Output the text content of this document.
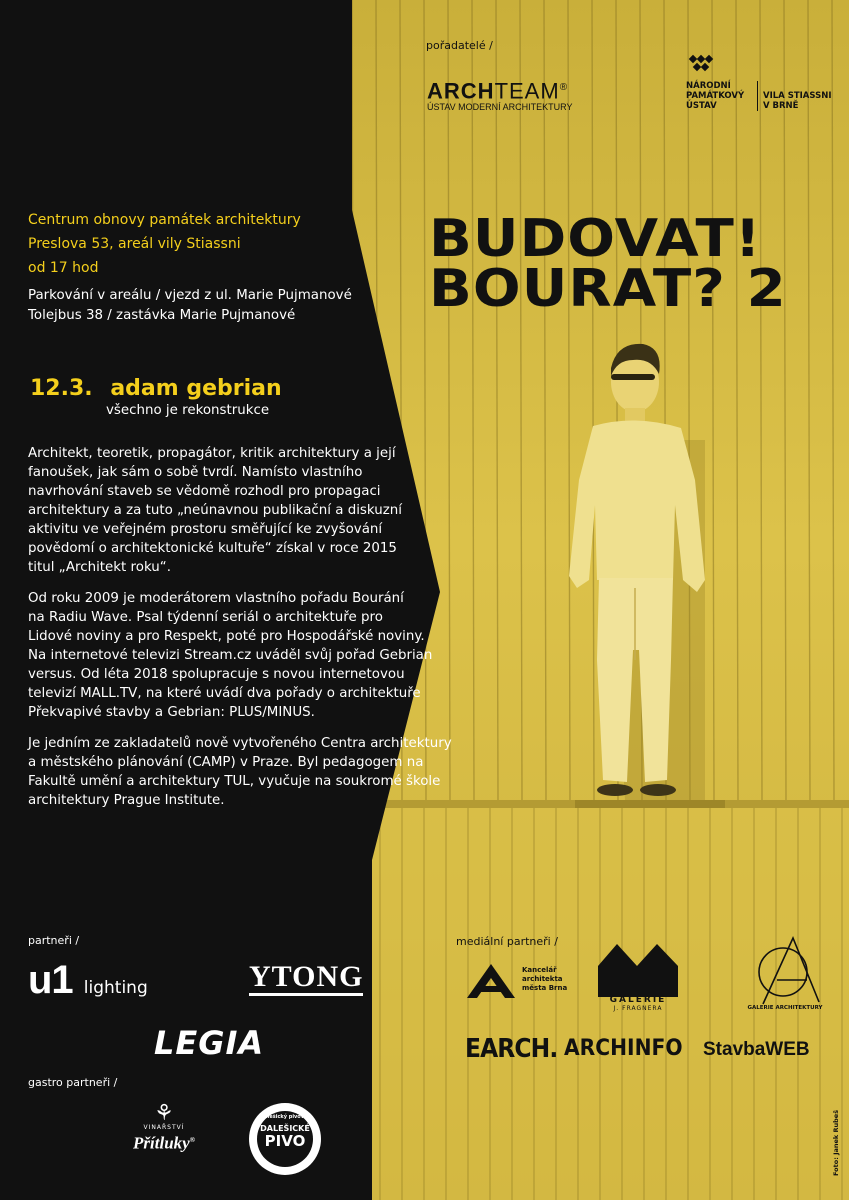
pořadatelé /
ARCHTEAM®
ÚSTAV MODERNÍ ARCHITEKTURY
NÁRODNÍ
PAMÁTKOVÝ
ÚSTAV
VILA STIASSNI
V BRNĚ
BUDOVAT!
BOURAT? 2
Centrum obnovy památek architektury
Preslova 53, areál vily Stiassni
od 17 hod
Parkování v areálu / vjezd z ul. Marie Pujmanové
Tolejbus 38 / zastávka Marie Pujmanové
12.3. adam gebrian
všechno je rekonstrukce
Architekt, teoretik, propagátor, kritik architektury a její
fanoušek, jak sám o sobě tvrdí. Namísto vlastního
navrhování staveb se vědomě rozhodl pro propagaci
architektury a za tuto „neúnavnou publikační a diskuzní
aktivitu ve veřejném prostoru směřující ke zvyšování
povědomí o architektonické kultuře“ získal v roce 2015
titul „Architekt roku“.
Od roku 2009 je moderátorem vlastního pořadu Bourání
na Radiu Wave. Psal týdenní seriál o architektuře pro
Lidové noviny a pro Respekt, poté pro Hospodářské noviny.
Na internetové televizi Stream.cz uváděl svůj pořad Gebrian
versus. Od léta 2018 spolupracuje s novou internetovou
televizí MALL.TV, na které uvádí dva pořady o architektuře
Překvapivé stavby a Gebrian: PLUS/MINUS.
Je jedním ze zakladatelů nově vytvořeného Centra architektury
a městského plánování (CAMP) v Praze. Byl pedagogem na
Fakultě umění a architektury TUL, vyučuje na soukromé škole
architektury Prague Institute.
partneři /
u1 lighting	YTONG
LEGIA
gastro partneři /
⚘
VINAŘSTVÍ
Přítluky®
Dalešický pivovar
DALEŠICKÉ
PIVO
mediální partneři /
Kancelář
architekta
města Brna
GALERIE
J. FRAGNERA	GALERIE ARCHITEKTURY
EARCH. ARCHINFO StavbaWEB
Foto: Janek Rubeš
